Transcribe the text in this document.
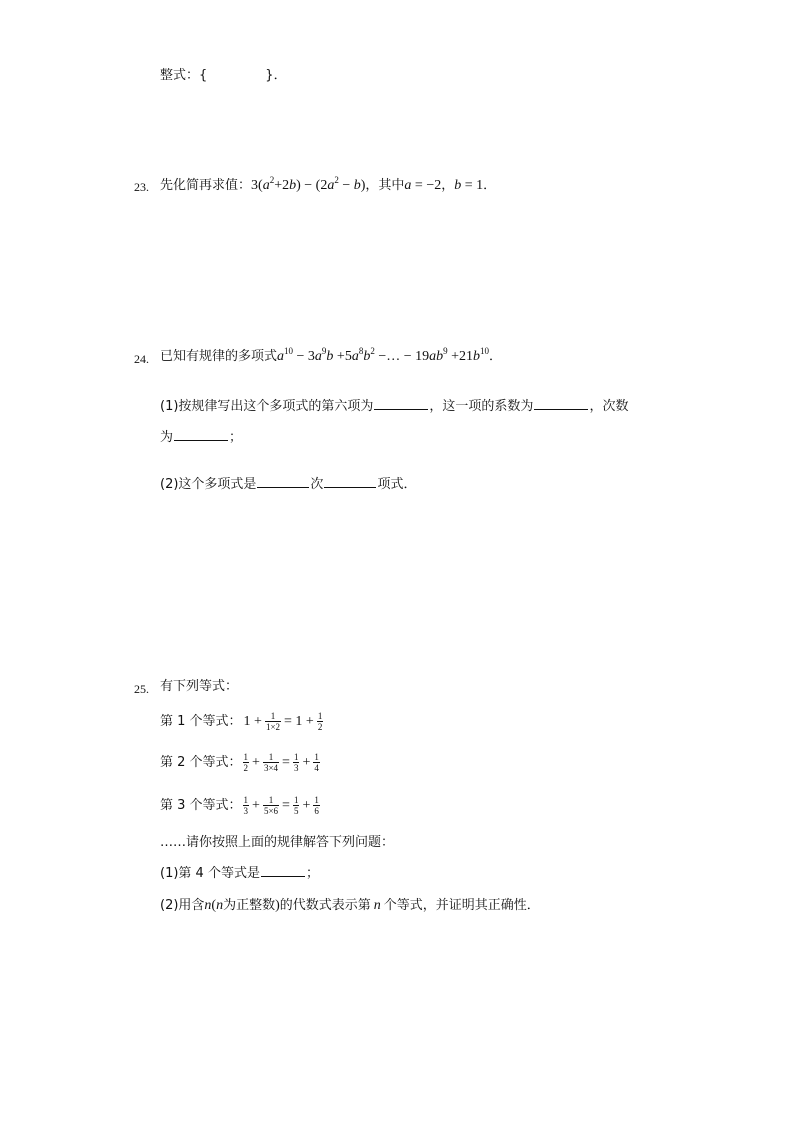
整式：{	}．
23. 先化简再求值：$3(a^2+2b) - (2a^2 - b)$，其中a = −2，b = 1．
24. 已知有规律的多项式$a^{10} - 3a^9b +5a^8b^2$ −… − $19ab^9 +21b^{10}$．
(1)按规律写出这个多项式的第六项为	，这一项的系数为	，次数
为	；
(2)这个多项式是	次	项式．
25. 有下列等式：
第 1 个等式： $1 + \frac{1}{1\times 2} = 1 + \frac{1}{2}$
第 2 个等式： $\frac{1}{2} + \frac{1}{3\times 4} = \frac{1}{3} + \frac{1}{4}$
第 3 个等式： $\frac{1}{3} + \frac{1}{5\times 6} = \frac{1}{5} + \frac{1}{6}$
……请你按照上面的规律解答下列问题：
(1)第 4 个等式是	；
(2)用含n(n为正整数)的代数式表示第 n 个等式，并证明其正确性．
